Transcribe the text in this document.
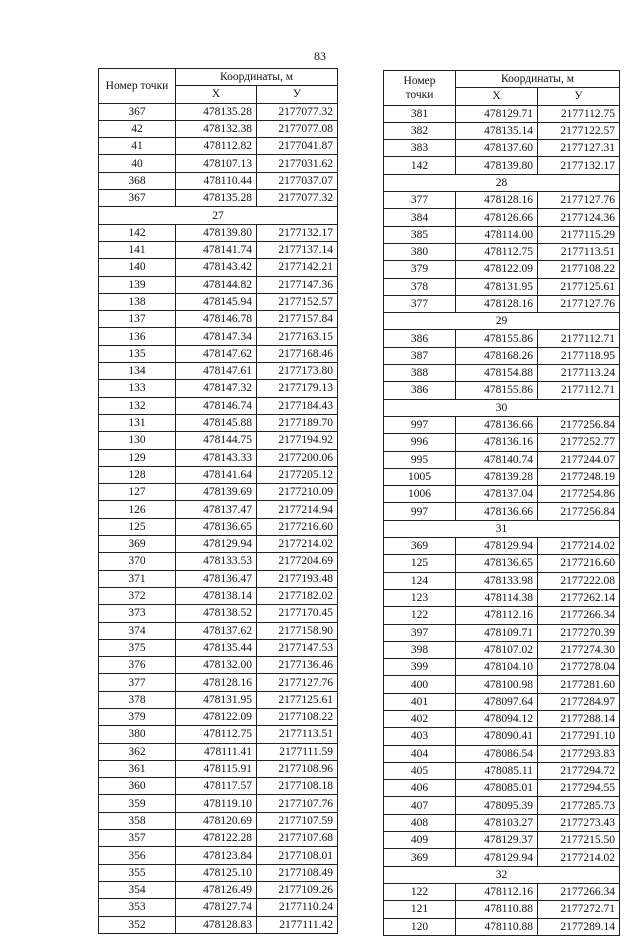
83
Номер точки	Координаты, м	
	X	У
367	478135.28	2177077.32
42	478132.38	2177077.08
41	478112.82	2177041.87
40	478107.13	2177031.62
368	478110.44	2177037.07
367	478135.28	2177077.32
27		
142	478139.80	2177132.17
141	478141.74	2177137.14
140	478143.42	2177142.21
139	478144.82	2177147.36
138	478145.94	2177152.57
137	478146.78	2177157.84
136	478147.34	2177163.15
135	478147.62	2177168.46
134	478147.61	2177173.80
133	478147.32	2177179.13
132	478146.74	2177184.43
131	478145.88	2177189.70
130	478144.75	2177194.92
129	478143.33	2177200.06
128	478141.64	2177205.12
127	478139.69	2177210.09
126	478137.47	2177214.94
125	478136.65	2177216.60
369	478129.94	2177214.02
370	478133.53	2177204.69
371	478136.47	2177193.48
372	478138.14	2177182.02
373	478138.52	2177170.45
374	478137.62	2177158.90
375	478135.44	2177147.53
376	478132.00	2177136.46
377	478128.16	2177127.76
378	478131.95	2177125.61
379	478122.09	2177108.22
380	478112.75	2177113.51
362	478111.41	2177111.59
361	478115.91	2177108.96
360	478117.57	2177108.18
359	478119.10	2177107.76
358	478120.69	2177107.59
357	478122.28	2177107.68
356	478123.84	2177108.01
355	478125.10	2177108.49
354	478126.49	2177109.26
353	478127.74	2177110.24
352	478128.83	2177111.42
Номер точки	Координаты, м	
	X	У
381	478129.71	2177112.75
382	478135.14	2177122.57
383	478137.60	2177127.31
142	478139.80	2177132.17
28		
377	478128.16	2177127.76
384	478126.66	2177124.36
385	478114.00	2177115.29
380	478112.75	2177113.51
379	478122.09	2177108.22
378	478131.95	2177125.61
377	478128.16	2177127.76
29		
386	478155.86	2177112.71
387	478168.26	2177118.95
388	478154.88	2177113.24
386	478155.86	2177112.71
30		
997	478136.66	2177256.84
996	478136.16	2177252.77
995	478140.74	2177244.07
1005	478139.28	2177248.19
1006	478137.04	2177254.86
997	478136.66	2177256.84
31		
369	478129.94	2177214.02
125	478136.65	2177216.60
124	478133.98	2177222.08
123	478114.38	2177262.14
122	478112.16	2177266.34
397	478109.71	2177270.39
398	478107.02	2177274.30
399	478104.10	2177278.04
400	478100.98	2177281.60
401	478097.64	2177284.97
402	478094.12	2177288.14
403	478090.41	2177291.10
404	478086.54	2177293.83
405	478085.11	2177294.72
406	478085.01	2177294.55
407	478095.39	2177285.73
408	478103.27	2177273.43
409	478129.37	2177215.50
369	478129.94	2177214.02
32		
122	478112.16	2177266.34
121	478110.88	2177272.71
120	478110.88	2177289.14
